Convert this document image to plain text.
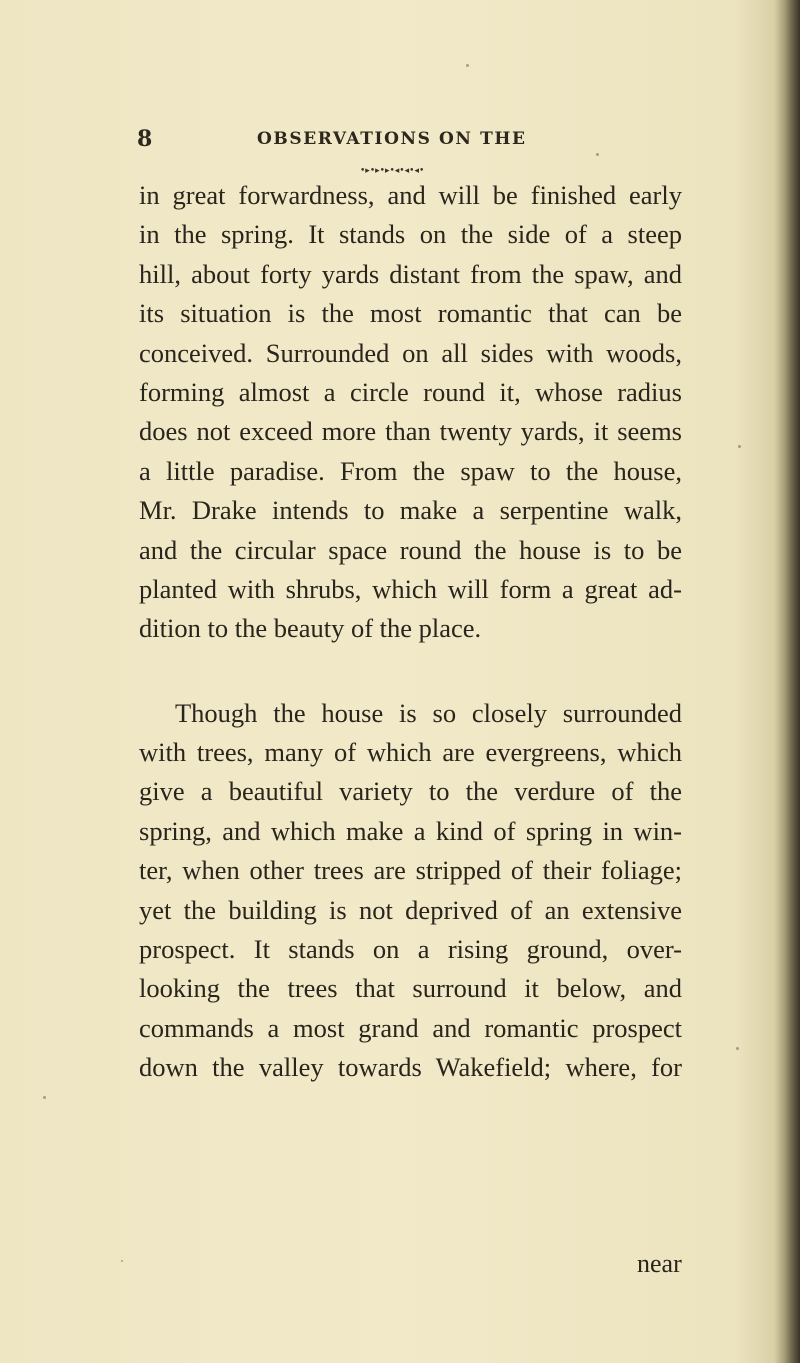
8	OBSERVATIONS ON THE
•▸•▸•▸•◂•◂•◂•
in great forwardness, and will be finished early
in the spring. It stands on the side of a steep
hill, about forty yards distant from the spaw, and
its situation is the most romantic that can be
conceived. Surrounded on all sides with woods,
forming almost a circle round it, whose radius
does not exceed more than twenty yards, it seems
a little paradise. From the spaw to the house,
Mr. Drake intends to make a serpentine walk,
and the circular space round the house is to be
planted with shrubs, which will form a great ad-
dition to the beauty of the place.
Though the house is so closely surrounded
with trees, many of which are evergreens, which
give a beautiful variety to the verdure of the
spring, and which make a kind of spring in win-
ter, when other trees are stripped of their foliage;
yet the building is not deprived of an extensive
prospect. It stands on a rising ground, over-
looking the trees that surround it below, and
commands a most grand and romantic prospect
down the valley towards Wakefield; where, for
near
